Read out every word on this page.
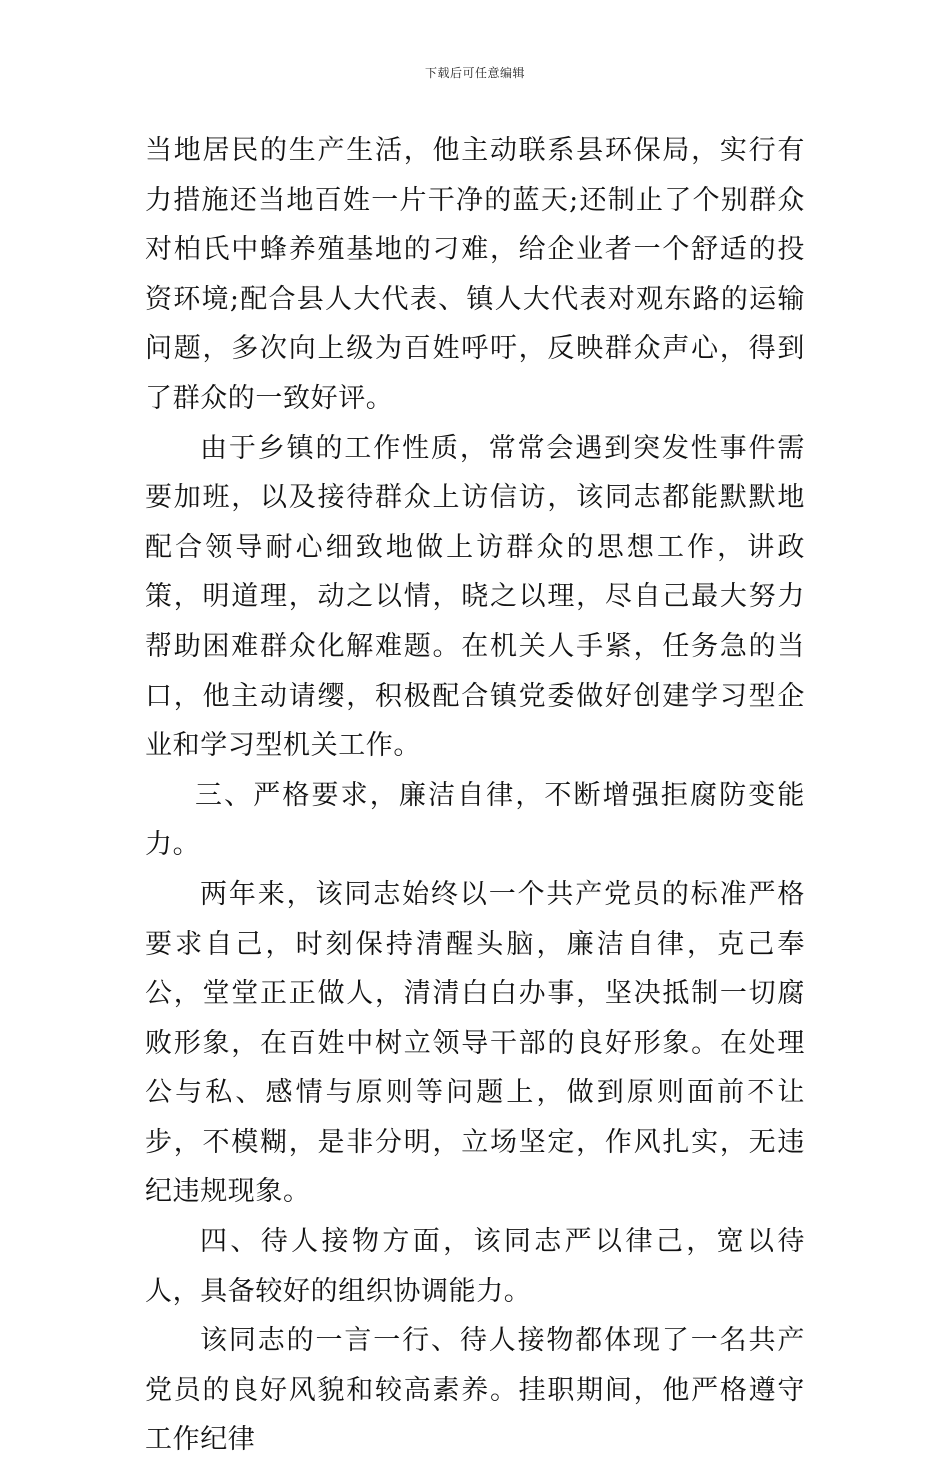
下载后可任意编辑

当地居民的生产生活，他主动联系县环保局，实行有力措施还当地百姓一片干净的蓝天;还制止了个别群众对柏氏中蜂养殖基地的刁难，给企业者一个舒适的投资环境;配合县人大代表、镇人大代表对观东路的运输问题，多次向上级为百姓呼吁，反映群众声心，得到了群众的一致好评。

由于乡镇的工作性质，常常会遇到突发性事件需要加班，以及接待群众上访信访，该同志都能默默地配合领导耐心细致地做上访群众的思想工作，讲政策，明道理，动之以情，晓之以理，尽自己最大努力帮助困难群众化解难题。在机关人手紧，任务急的当口，他主动请缨，积极配合镇党委做好创建学习型企业和学习型机关工作。

三、严格要求，廉洁自律，不断增强拒腐防变能力。

两年来，该同志始终以一个共产党员的标准严格要求自己，时刻保持清醒头脑，廉洁自律，克己奉公，堂堂正正做人，清清白白办事，坚决抵制一切腐败形象，在百姓中树立领导干部的良好形象。在处理公与私、感情与原则等问题上，做到原则面前不让步，不模糊，是非分明，立场坚定，作风扎实，无违纪违规现象。

四、待人接物方面，该同志严以律己，宽以待人，具备较好的组织协调能力。

该同志的一言一行、待人接物都体现了一名共产党员的良好风貌和较高素养。挂职期间，他严格遵守工作纪律
